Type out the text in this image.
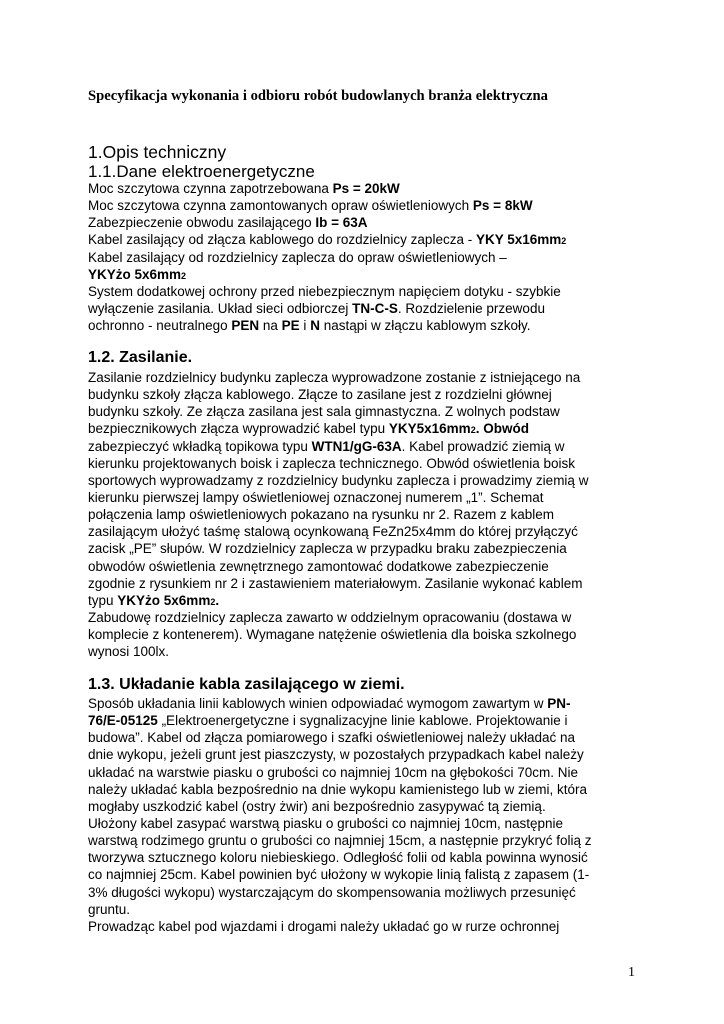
Specyfikacja wykonania i odbioru robót budowlanych branża elektryczna

1.Opis techniczny

1.1.Dane elektroenergetyczne

Moc szczytowa czynna zapotrzebowana Ps = 20kW
Moc szczytowa czynna zamontowanych opraw oświetleniowych Ps = 8kW
Zabezpieczenie obwodu zasilającego Ib = 63A
Kabel zasilający od złącza kablowego do rozdzielnicy zaplecza - YKY 5x16mm2
Kabel zasilający od rozdzielnicy zaplecza do opraw oświetleniowych –
YKYżo 5x6mm2
System dodatkowej ochrony przed niebezpiecznym napięciem dotyku - szybkie
wyłączenie zasilania. Układ sieci odbiorczej TN-C-S. Rozdzielenie przewodu
ochronno - neutralnego PEN na PE i N nastąpi w złączu kablowym szkoły.

1.2. Zasilanie.

Zasilanie rozdzielnicy budynku zaplecza wyprowadzone zostanie z istniejącego na
budynku szkoły złącza kablowego. Złącze to zasilane jest z rozdzielni głównej
budynku szkoły. Ze złącza zasilana jest sala gimnastyczna. Z wolnych podstaw
bezpiecznikowych złącza wyprowadzić kabel typu YKY5x16mm2. Obwód
zabezpieczyć wkładką topikowa typu WTN1/gG-63A. Kabel prowadzić ziemią w
kierunku projektowanych boisk i zaplecza technicznego. Obwód oświetlenia boisk
sportowych wyprowadzamy z rozdzielnicy budynku zaplecza i prowadzimy ziemią w
kierunku pierwszej lampy oświetleniowej oznaczonej numerem „1”. Schemat
połączenia lamp oświetleniowych pokazano na rysunku nr 2. Razem z kablem
zasilającym ułożyć taśmę stalową ocynkowaną FeZn25x4mm do której przyłączyć
zacisk „PE” słupów. W rozdzielnicy zaplecza w przypadku braku zabezpieczenia
obwodów oświetlenia zewnętrznego zamontować dodatkowe zabezpieczenie
zgodnie z rysunkiem nr 2 i zastawieniem materiałowym. Zasilanie wykonać kablem
typu YKYżo 5x6mm2.
Zabudowę rozdzielnicy zaplecza zawarto w oddzielnym opracowaniu (dostawa w
komplecie z kontenerem). Wymagane natężenie oświetlenia dla boiska szkolnego
wynosi 100lx.

1.3. Układanie kabla zasilającego w ziemi.

Sposób układania linii kablowych winien odpowiadać wymogom zawartym w PN-
76/E-05125 „Elektroenergetyczne i sygnalizacyjne linie kablowe. Projektowanie i
budowa”. Kabel od złącza pomiarowego i szafki oświetleniowej należy układać na
dnie wykopu, jeżeli grunt jest piaszczysty, w pozostałych przypadkach kabel należy
układać na warstwie piasku o grubości co najmniej 10cm na głębokości 70cm. Nie
należy układać kabla bezpośrednio na dnie wykopu kamienistego lub w ziemi, która
mogłaby uszkodzić kabel (ostry żwir) ani bezpośrednio zasypywać tą ziemią.
Ułożony kabel zasypać warstwą piasku o grubości co najmniej 10cm, następnie
warstwą rodzimego gruntu o grubości co najmniej 15cm, a następnie przykryć folią z
tworzywa sztucznego koloru niebieskiego. Odległość folii od kabla powinna wynosić
co najmniej 25cm. Kabel powinien być ułożony w wykopie linią falistą z zapasem (1-
3% długości wykopu) wystarczającym do skompensowania możliwych przesunięć
gruntu.
Prowadząc kabel pod wjazdami i drogami należy układać go w rurze ochronnej

1
